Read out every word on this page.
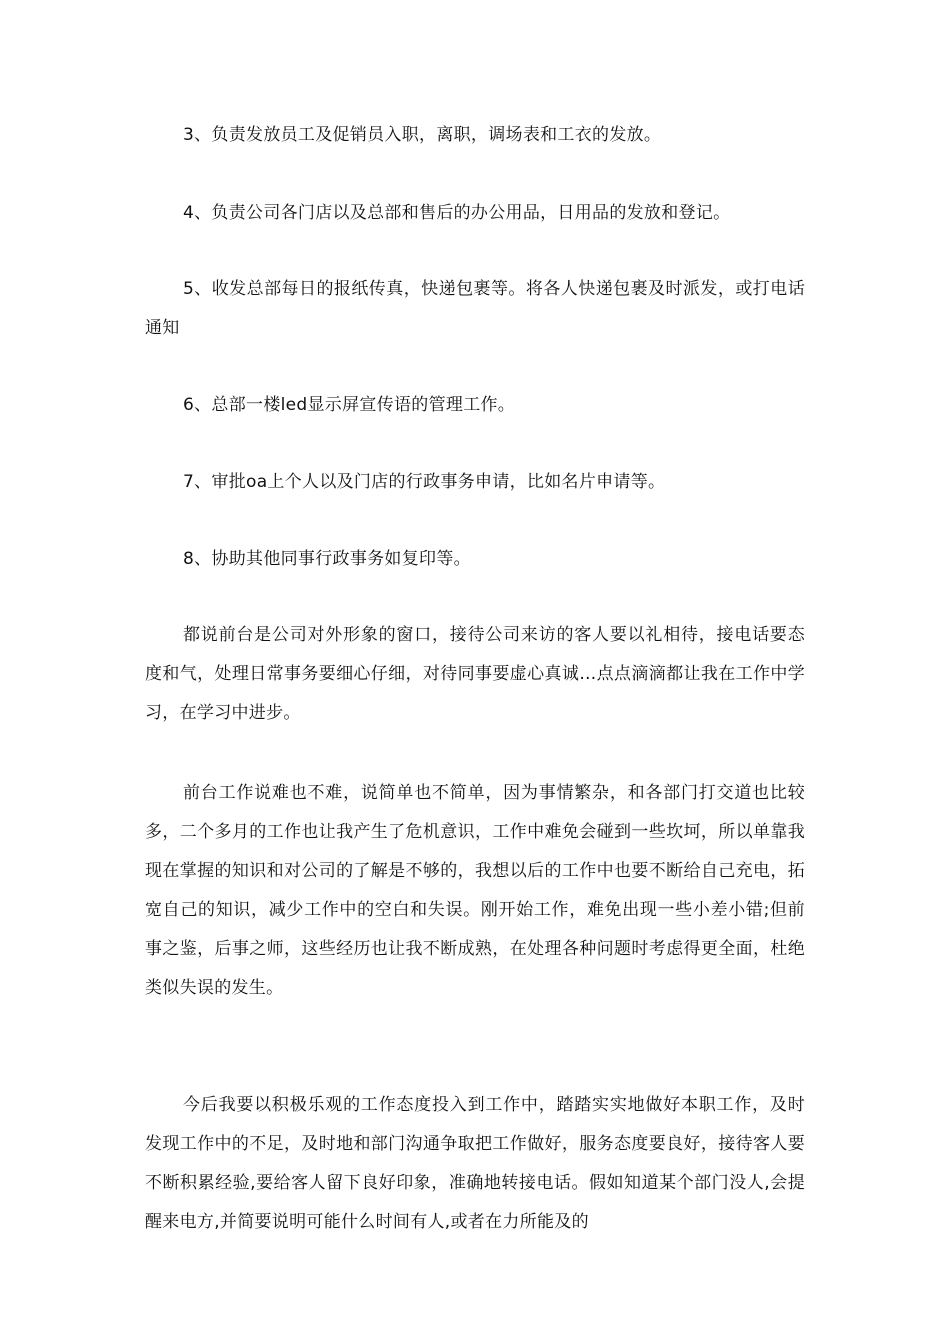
3、负责发放员工及促销员入职，离职，调场表和工衣的发放。

4、负责公司各门店以及总部和售后的办公用品，日用品的发放和登记。

5、收发总部每日的报纸传真，快递包裹等。将各人快递包裹及时派发，或打电话通知

6、总部一楼led显示屏宣传语的管理工作。

7、审批oa上个人以及门店的行政事务申请，比如名片申请等。

8、协助其他同事行政事务如复印等。

都说前台是公司对外形象的窗口，接待公司来访的客人要以礼相待，接电话要态度和气，处理日常事务要细心仔细，对待同事要虚心真诚…点点滴滴都让我在工作中学习，在学习中进步。

前台工作说难也不难，说简单也不简单，因为事情繁杂，和各部门打交道也比较多，二个多月的工作也让我产生了危机意识，工作中难免会碰到一些坎坷，所以单靠我现在掌握的知识和对公司的了解是不够的，我想以后的工作中也要不断给自己充电，拓宽自己的知识，减少工作中的空白和失误。刚开始工作，难免出现一些小差小错;但前事之鉴，后事之师，这些经历也让我不断成熟，在处理各种问题时考虑得更全面，杜绝类似失误的发生。

今后我要以积极乐观的工作态度投入到工作中，踏踏实实地做好本职工作，及时发现工作中的不足，及时地和部门沟通争取把工作做好，服务态度要良好，接待客人要不断积累经验,要给客人留下良好印象，准确地转接电话。假如知道某个部门没人,会提醒来电方,并简要说明可能什么时间有人,或者在力所能及的
